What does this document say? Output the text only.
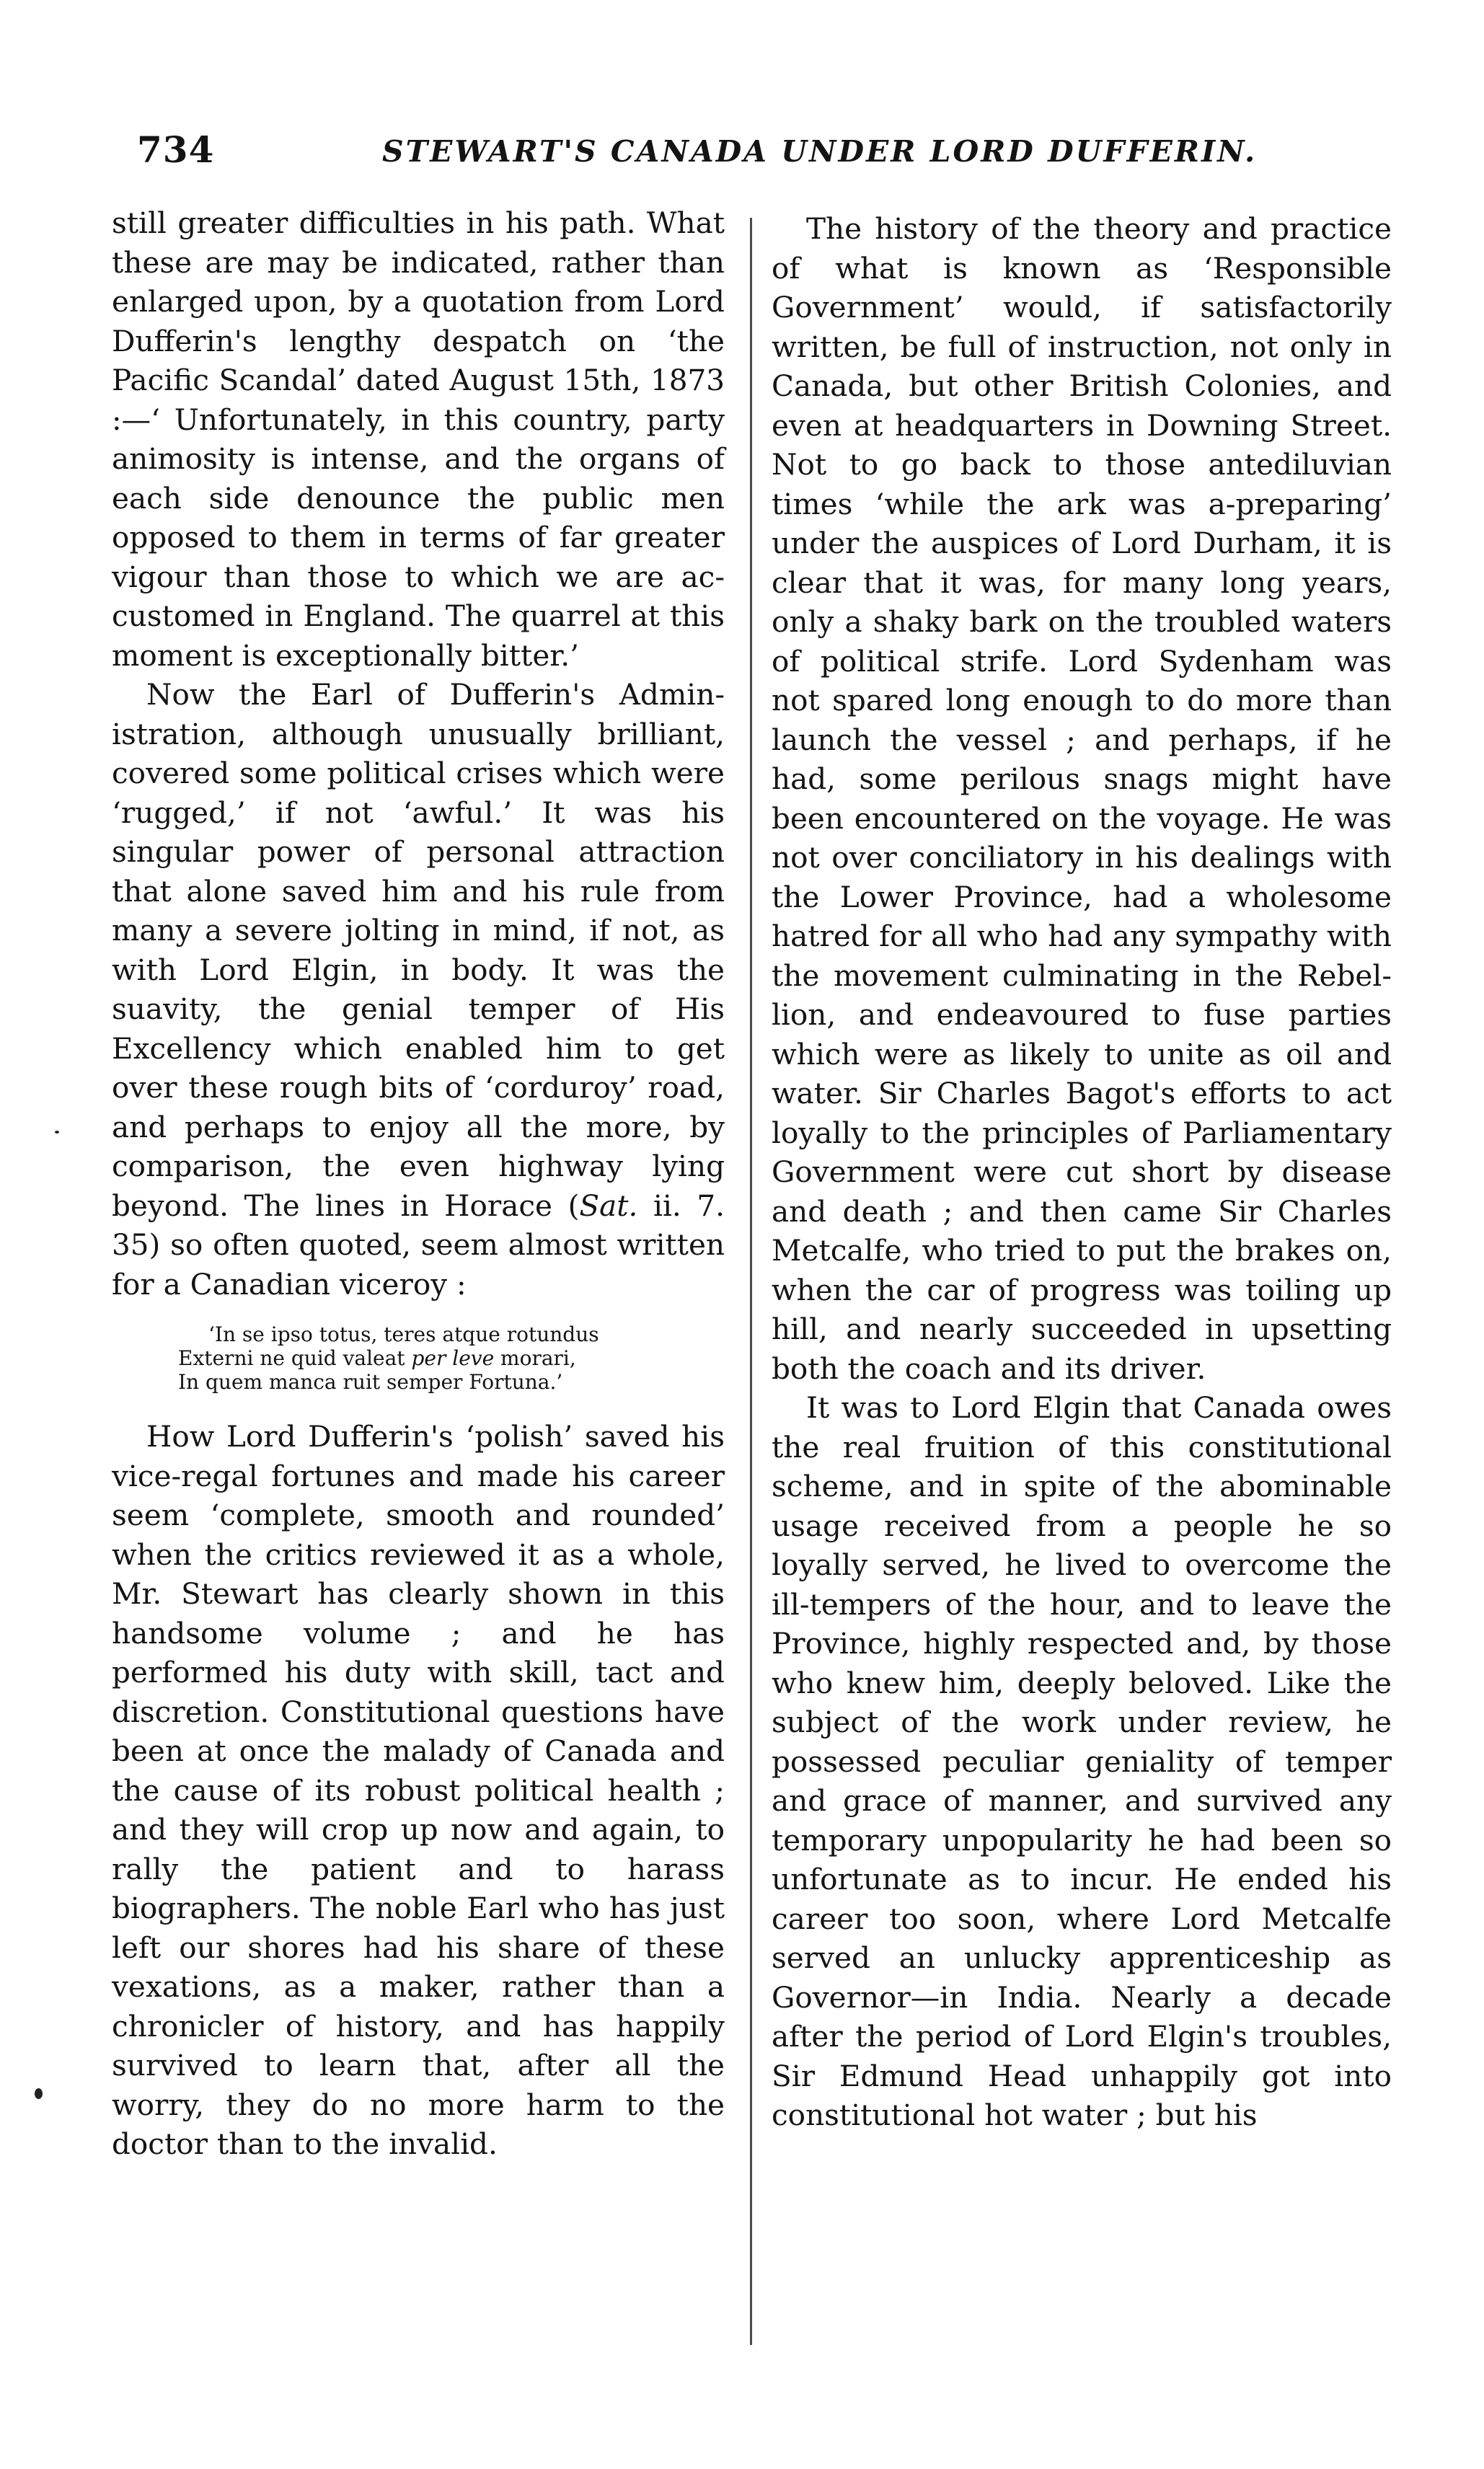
734	STEWART'S CANADA UNDER LORD DUFFERIN.

still greater difficulties in his path. What these are may be indicated, rather than enlarged upon, by a quotation from Lord Dufferin's lengthy despatch on ‘the Pacific Scandal’ dated August 15th, 1873 :—‘ Unfortunately, in this country, party animosity is intense, and the organs of each side denounce the public men opposed to them in terms of far greater vigour than those to which we are accustomed in England. The quarrel at this moment is exceptionally bitter.’

Now the Earl of Dufferin's Administration, although unusually brilliant, covered some political crises which were ‘rugged,’ if not ‘awful.’ It was his singular power of personal attraction that alone saved him and his rule from many a severe jolting in mind, if not, as with Lord Elgin, in body. It was the suavity, the genial temper of His Excellency which enabled him to get over these rough bits of ‘corduroy’ road, and perhaps to enjoy all the more, by comparison, the even highway lying beyond. The lines in Horace (Sat. ii. 7. 35) so often quoted, seem almost written for a Canadian viceroy :

‘In se ipso totus, teres atque rotundus
Externi ne quid valeat per leve morari,
In quem manca ruit semper Fortuna.’

How Lord Dufferin's ‘polish’ saved his vice-regal fortunes and made his career seem ‘complete, smooth and rounded’ when the critics reviewed it as a whole, Mr. Stewart has clearly shown in this handsome volume ; and he has performed his duty with skill, tact and discretion. Constitutional questions have been at once the malady of Canada and the cause of its robust political health ; and they will crop up now and again, to rally the patient and to harass biographers. The noble Earl who has just left our shores had his share of these vexations, as a maker, rather than a chronicler of history, and has happily survived to learn that, after all the worry, they do no more harm to the doctor than to the invalid.

The history of the theory and practice of what is known as ‘Responsible Government’ would, if satisfactorily written, be full of instruction, not only in Canada, but other British Colonies, and even at headquarters in Downing Street. Not to go back to those antediluvian times ‘while the ark was a-preparing’ under the auspices of Lord Durham, it is clear that it was, for many long years, only a shaky bark on the troubled waters of political strife. Lord Sydenham was not spared long enough to do more than launch the vessel ; and perhaps, if he had, some perilous snags might have been encountered on the voyage. He was not over conciliatory in his dealings with the Lower Province, had a wholesome hatred for all who had any sympathy with the movement culminating in the Rebellion, and endeavoured to fuse parties which were as likely to unite as oil and water. Sir Charles Bagot's efforts to act loyally to the principles of Parliamentary Government were cut short by disease and death ; and then came Sir Charles Metcalfe, who tried to put the brakes on, when the car of progress was toiling up hill, and nearly succeeded in upsetting both the coach and its driver.

It was to Lord Elgin that Canada owes the real fruition of this constitutional scheme, and in spite of the abominable usage received from a people he so loyally served, he lived to overcome the ill-tempers of the hour, and to leave the Province, highly respected and, by those who knew him, deeply beloved. Like the subject of the work under review, he possessed peculiar geniality of temper and grace of manner, and survived any temporary unpopularity he had been so unfortunate as to incur. He ended his career too soon, where Lord Metcalfe served an unlucky apprenticeship as Governor—in India. Nearly a decade after the period of Lord Elgin's troubles, Sir Edmund Head unhappily got into constitutional hot water ; but his
